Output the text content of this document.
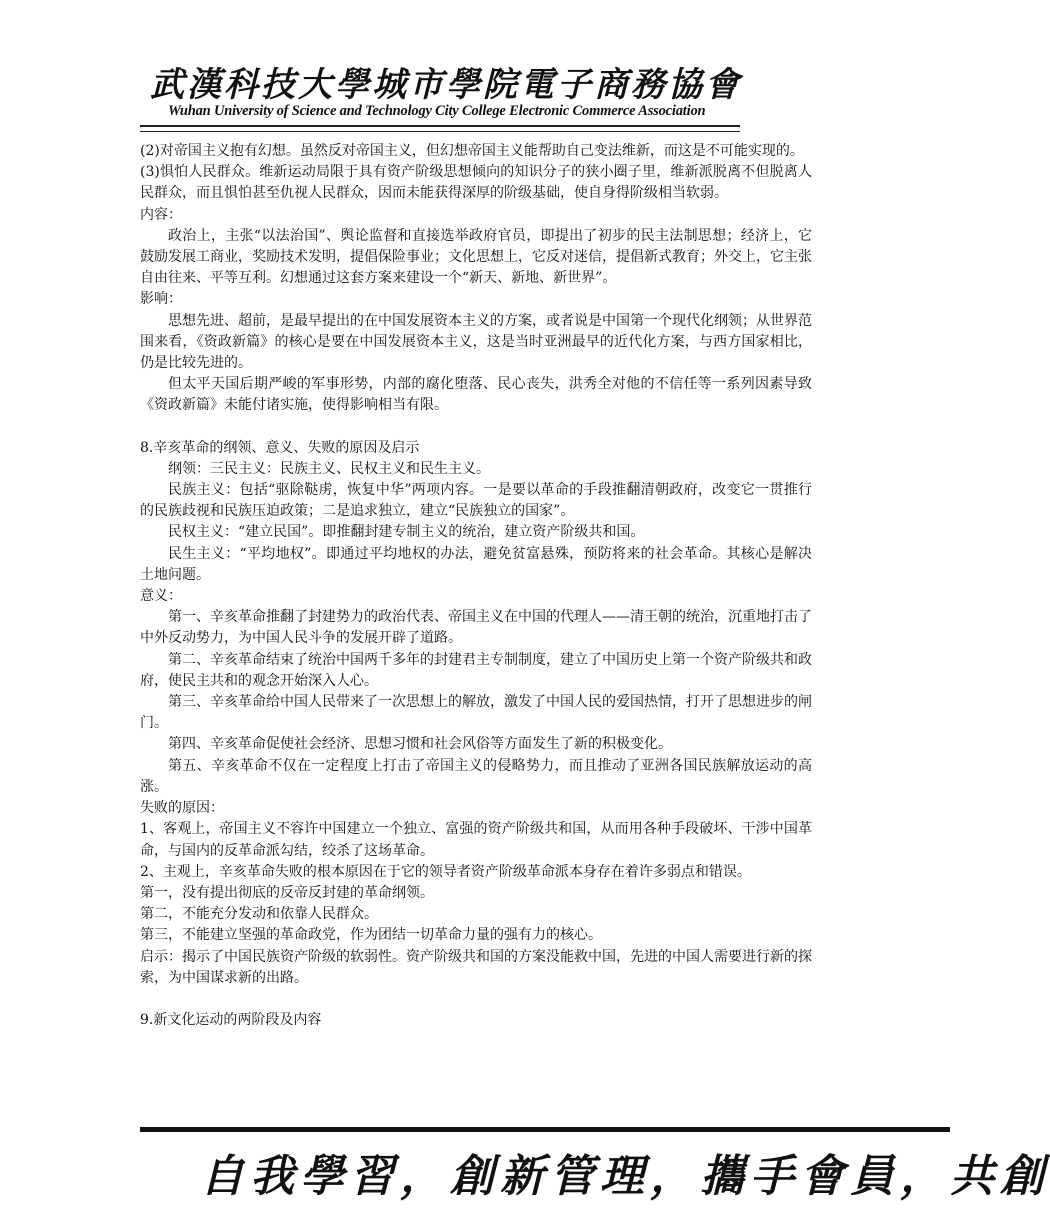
武漢科技大學城市學院電子商務協會
Wuhan University of Science and Technology City College Electronic Commerce Association

(2)对帝国主义抱有幻想。虽然反对帝国主义，但幻想帝国主义能帮助自己变法维新，而这是不可能实现的。

(3)惧怕人民群众。维新运动局限于具有资产阶级思想倾向的知识分子的狭小圈子里，维新派脱离不但脱离人民群众，而且惧怕甚至仇视人民群众，因而未能获得深厚的阶级基础，使自身得阶级相当软弱。

内容：

政治上，主张“以法治国”、舆论监督和直接选举政府官员，即提出了初步的民主法制思想；经济上，它鼓励发展工商业，奖励技术发明，提倡保险事业；文化思想上，它反对迷信，提倡新式教育；外交上，它主张自由往来、平等互利。幻想通过这套方案来建设一个“新天、新地、新世界”。

影响：

思想先进、超前，是最早提出的在中国发展资本主义的方案，或者说是中国第一个现代化纲领；从世界范围来看，《资政新篇》的核心是要在中国发展资本主义，这是当时亚洲最早的近代化方案，与西方国家相比，仍是比较先进的。

但太平天国后期严峻的军事形势，内部的腐化堕落、民心丧失，洪秀全对他的不信任等一系列因素导致《资政新篇》未能付诸实施，使得影响相当有限。

8.辛亥革命的纲领、意义、失败的原因及启示

纲领：三民主义：民族主义、民权主义和民生主义。

民族主义：包括“驱除鞑虏，恢复中华”两项内容。一是要以革命的手段推翻清朝政府，改变它一贯推行的民族歧视和民族压迫政策；二是追求独立，建立“民族独立的国家”。

民权主义：“建立民国”。即推翻封建专制主义的统治，建立资产阶级共和国。

民生主义：“平均地权”。即通过平均地权的办法，避免贫富悬殊，预防将来的社会革命。其核心是解决土地问题。

意义：

第一、辛亥革命推翻了封建势力的政治代表、帝国主义在中国的代理人——清王朝的统治，沉重地打击了中外反动势力，为中国人民斗争的发展开辟了道路。

第二、辛亥革命结束了统治中国两千多年的封建君主专制制度，建立了中国历史上第一个资产阶级共和政府，使民主共和的观念开始深入人心。

第三、辛亥革命给中国人民带来了一次思想上的解放，激发了中国人民的爱国热情，打开了思想进步的闸门。

第四、辛亥革命促使社会经济、思想习惯和社会风俗等方面发生了新的积极变化。

第五、辛亥革命不仅在一定程度上打击了帝国主义的侵略势力，而且推动了亚洲各国民族解放运动的高涨。

失败的原因：

1、客观上，帝国主义不容许中国建立一个独立、富强的资产阶级共和国，从而用各种手段破坏、干涉中国革命，与国内的反革命派勾结，绞杀了这场革命。

2、主观上，辛亥革命失败的根本原因在于它的领导者资产阶级革命派本身存在着许多弱点和错误。

第一，没有提出彻底的反帝反封建的革命纲领。

第二，不能充分发动和依靠人民群众。

第三，不能建立坚强的革命政党，作为团结一切革命力量的强有力的核心。

启示：揭示了中国民族资产阶级的软弱性。资产阶级共和国的方案没能救中国，先进的中国人需要进行新的探索，为中国谋求新的出路。

9.新文化运动的两阶段及内容

自我學習，創新管理，攜手會員，共創
